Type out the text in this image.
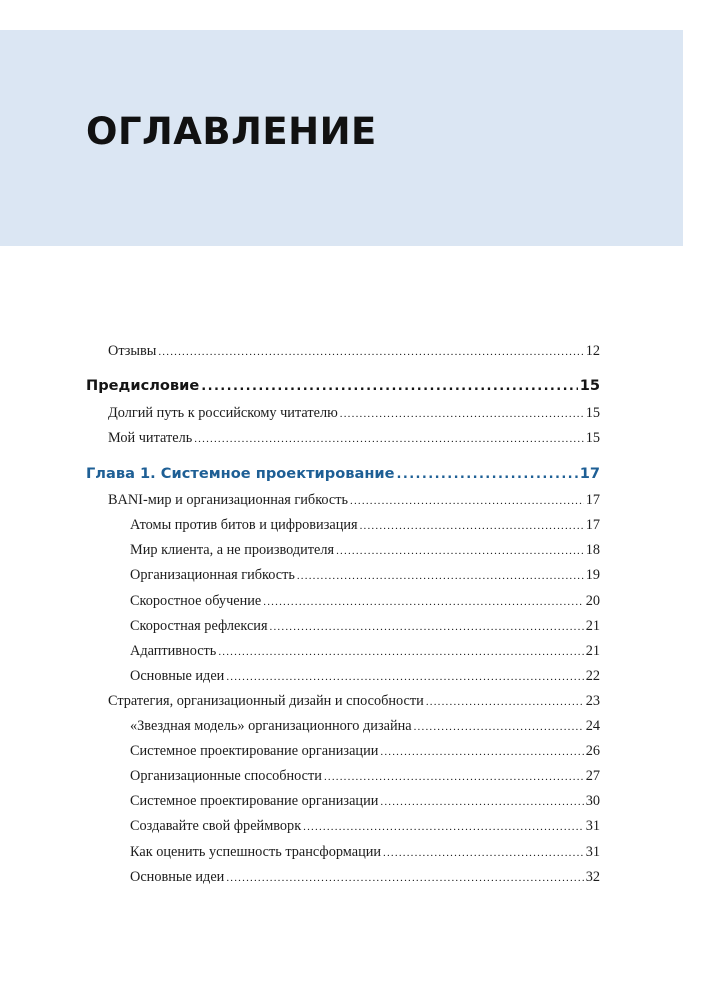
ОГЛАВЛЕНИЕ
Отзывы .....	12
Предисловие .....	15
Долгий путь к российскому читателю .....	15
Мой читатель .....	15
Глава 1. Системное проектирование .....	17
BANI-мир и организационная гибкость .....	17
Атомы против битов и цифровизация .....	17
Мир клиента, а не производителя .....	18
Организационная гибкость .....	19
Скоростное обучение .....	20
Скоростная рефлексия .....	21
Адаптивность .....	21
Основные идеи .....	22
Стратегия, организационный дизайн и способности .....	23
«Звездная модель» организационного дизайна .....	24
Системное проектирование организации .....	26
Организационные способности .....	27
Системное проектирование организации .....	30
Создавайте свой фреймворк .....	31
Как оценить успешность трансформации .....	31
Основные идеи .....	32
